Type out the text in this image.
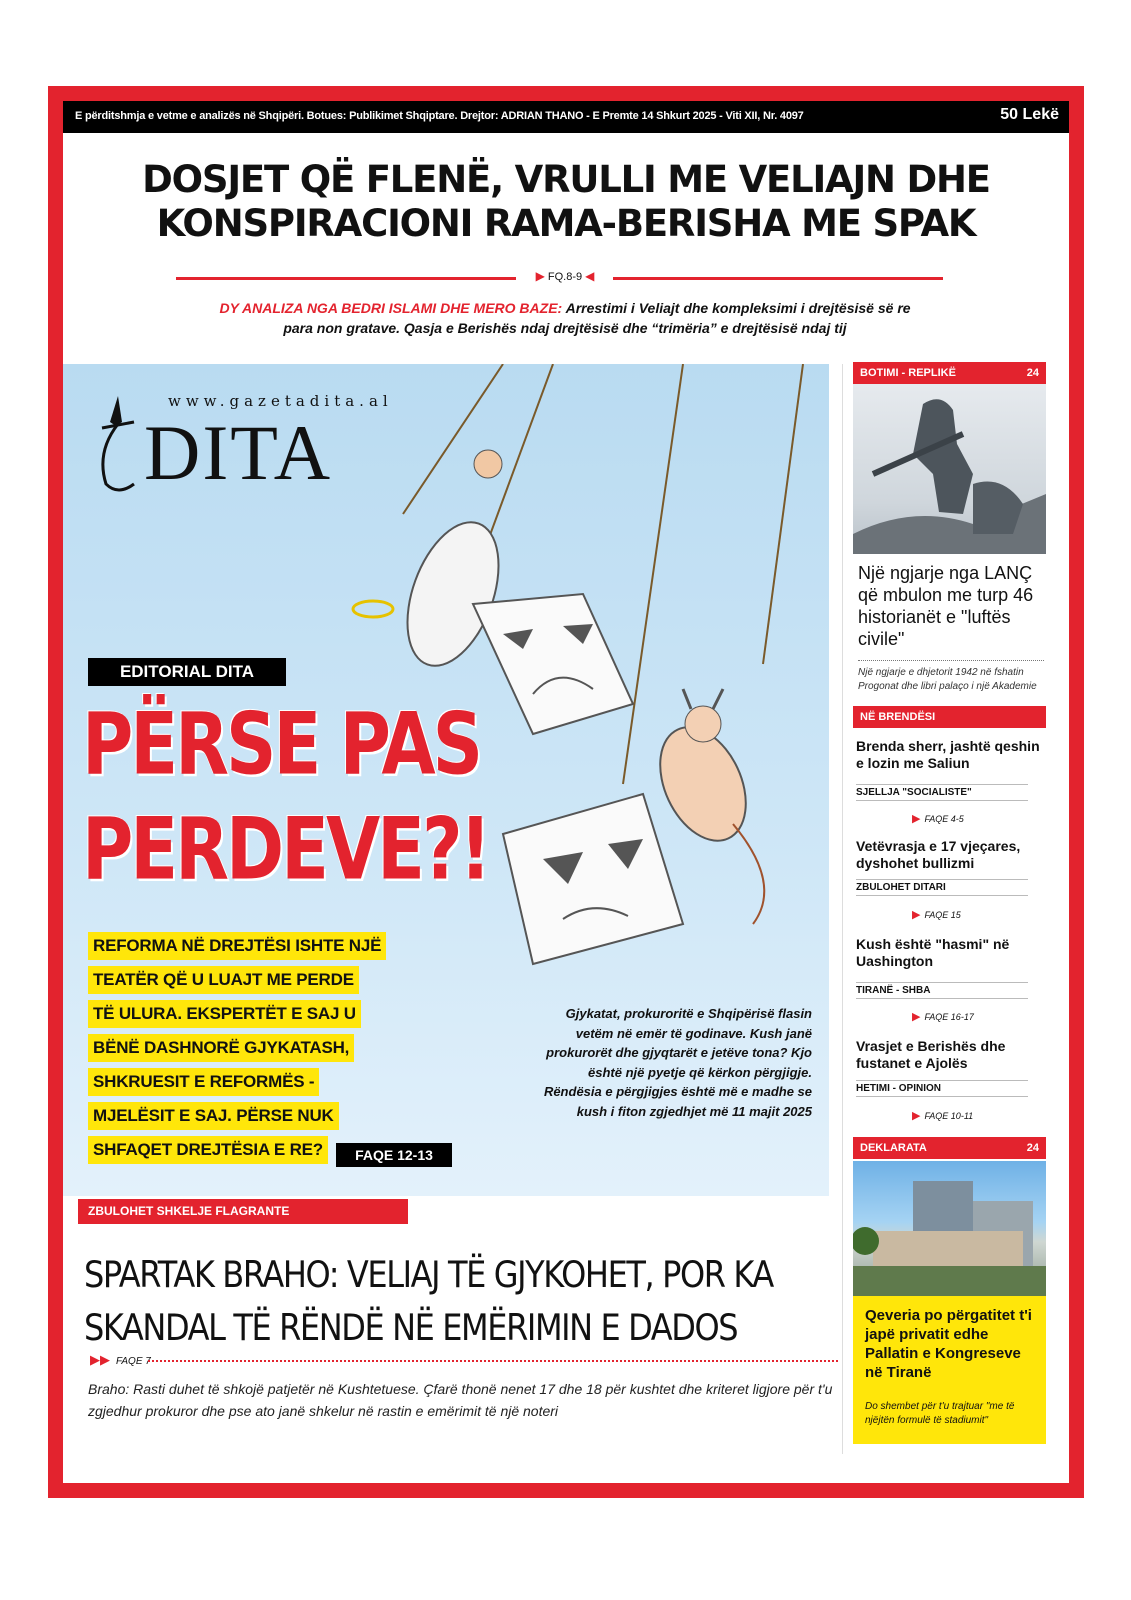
E përditshmja e vetme e analizës në Shqipëri. Botues: Publikimet Shqiptare. Drejtor: ADRIAN THANO - E Premte 14 Shkurt 2025 - Viti XII, Nr. 4097	50 Lekë
DOSJET QË FLENË, VRULLI ME VELIAJN DHE
KONSPIRACIONI RAMA-BERISHA ME SPAK
▶ FQ.8-9 ◀
DY ANALIZA NGA BEDRI ISLAMI DHE MERO BAZE: Arrestimi i Veliajt dhe kompleksimi i drejtësisë së re
para non gratave. Qasja e Berishës ndaj drejtësisë dhe “trimëria” e drejtësisë ndaj tij
www.gazetadita.al
DITA
EDITORIAL DITA
PËRSE PAS
PERDEVE?!
REFORMA NË DREJTËSI ISHTE NJË
TEATËR QË U LUAJT ME PERDE
TË ULURA. EKSPERTËT E SAJ U
BËNË DASHNORË GJYKATASH,
SHKRUESIT E REFORMËS -
MJELËSIT E SAJ. PËRSE NUK
SHFAQET DREJTËSIA E RE?	FAQE 12-13
Gjykatat, prokuroritë e Shqipërisë flasin vetëm në emër të godinave. Kush janë prokurorët dhe gjyqtarët e jetëve tona? Kjo është një pyetje që kërkon përgjigje. Rëndësia e përgjigjes është më e madhe se kush i fiton zgjedhjet më 11 majit 2025
BOTIMI - REPLIKË	24
Një ngjarje nga LANÇ që mbulon me turp 46 historianët e "luftës civile"
Një ngjarje e dhjetorit 1942 në fshatin Progonat dhe libri palaço i një Akademie
NË BRENDËSI
Brenda sherr, jashtë qeshin e lozin me Saliun
SJELLJA "SOCIALISTE"
▶ FAQE 4-5
Vetëvrasja e 17 vjeçares, dyshohet bullizmi
ZBULOHET DITARI
▶ FAQE 15
Kush është "hasmi" në Uashington
TIRANË - SHBA
▶ FAQE 16-17
Vrasjet e Berishës dhe fustanet e Ajolës
HETIMI - OPINION
▶ FAQE 10-11
DEKLARATA	24
Qeveria po përgatitet t'i japë privatit edhe Pallatin e Kongreseve në Tiranë
Do shembet për t'u trajtuar "me të njëjtën formulë të stadiumit"
ZBULOHET SHKELJE FLAGRANTE
SPARTAK BRAHO: VELIAJ TË GJYKOHET, POR KA
SKANDAL TË RËNDË NË EMËRIMIN E DADOS
▶▶ FAQE 7
Braho: Rasti duhet të shkojë patjetër në Kushtetuese. Çfarë thonë nenet 17 dhe 18 për kushtet dhe kriteret ligjore për t'u zgjedhur prokuror dhe pse ato janë shkelur në rastin e emërimit të një noteri
